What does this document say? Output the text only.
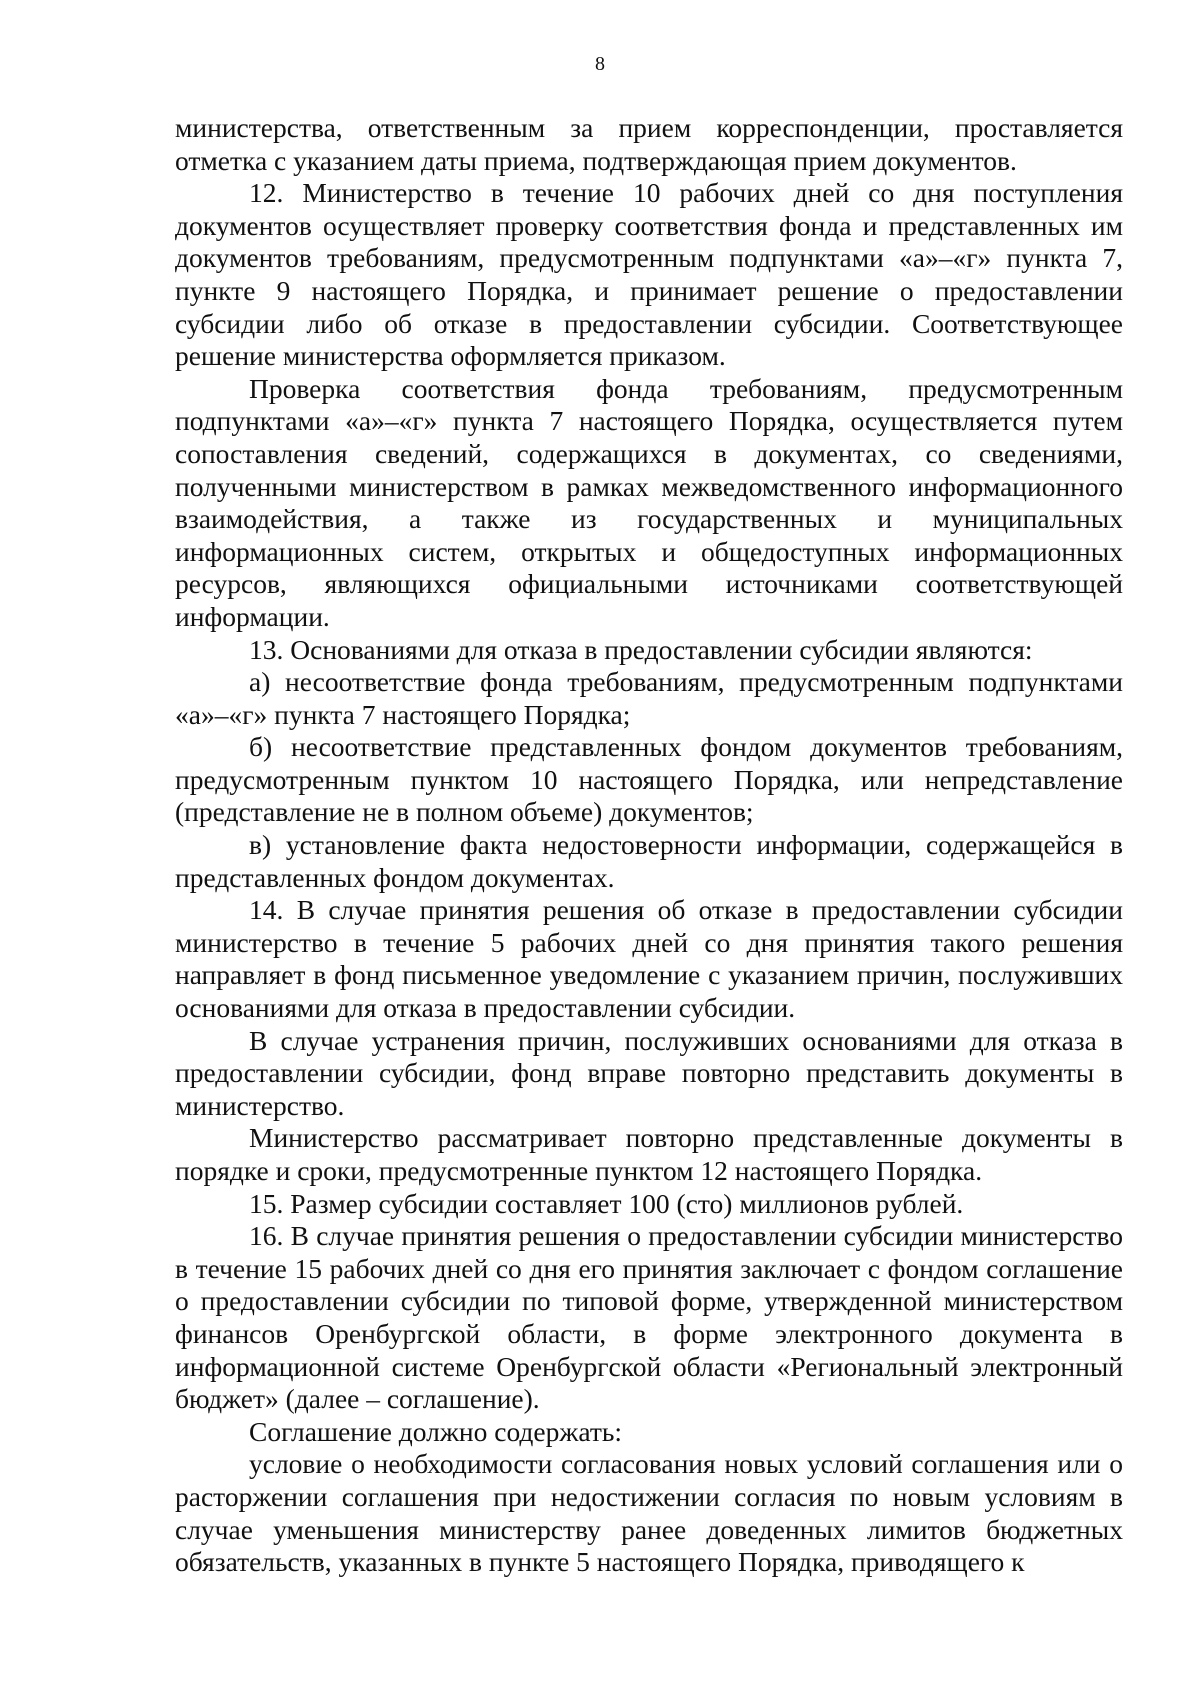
8

министерства, ответственным за прием корреспонденции, проставляется отметка с указанием даты приема, подтверждающая прием документов.

12. Министерство в течение 10 рабочих дней со дня поступления документов осуществляет проверку соответствия фонда и представленных им документов требованиям, предусмотренным подпунктами «а»–«г» пункта 7, пункте 9 настоящего Порядка, и принимает решение о предоставлении субсидии либо об отказе в предоставлении субсидии. Соответствующее решение министерства оформляется приказом.

Проверка соответствия фонда требованиям, предусмотренным подпунктами «а»–«г» пункта 7 настоящего Порядка, осуществляется путем сопоставления сведений, содержащихся в документах, со сведениями, полученными министерством в рамках межведомственного информационного взаимодействия, а также из государственных и муниципальных информационных систем, открытых и общедоступных информационных ресурсов, являющихся официальными источниками соответствующей информации.

13. Основаниями для отказа в предоставлении субсидии являются:

а) несоответствие фонда требованиям, предусмотренным подпунктами «а»–«г» пункта 7 настоящего Порядка;

б) несоответствие представленных фондом документов требованиям, предусмотренным пунктом 10 настоящего Порядка, или непредставление (представление не в полном объеме) документов;

в) установление факта недостоверности информации, содержащейся в представленных фондом документах.

14. В случае принятия решения об отказе в предоставлении субсидии министерство в течение 5 рабочих дней со дня принятия такого решения направляет в фонд письменное уведомление с указанием причин, послуживших основаниями для отказа в предоставлении субсидии.

В случае устранения причин, послуживших основаниями для отказа в предоставлении субсидии, фонд вправе повторно представить документы в министерство.

Министерство рассматривает повторно представленные документы в порядке и сроки, предусмотренные пунктом 12 настоящего Порядка.

15. Размер субсидии составляет 100 (сто) миллионов рублей.

16. В случае принятия решения о предоставлении субсидии министерство в течение 15 рабочих дней со дня его принятия заключает с фондом соглашение о предоставлении субсидии по типовой форме, утвержденной министерством финансов Оренбургской области, в форме электронного документа в информационной системе Оренбургской области «Региональный электронный бюджет» (далее – соглашение).

Соглашение должно содержать:

условие о необходимости согласования новых условий соглашения или о расторжении соглашения при недостижении согласия по новым условиям в случае уменьшения министерству ранее доведенных лимитов бюджетных обязательств, указанных в пункте 5 настоящего Порядка, приводящего к
